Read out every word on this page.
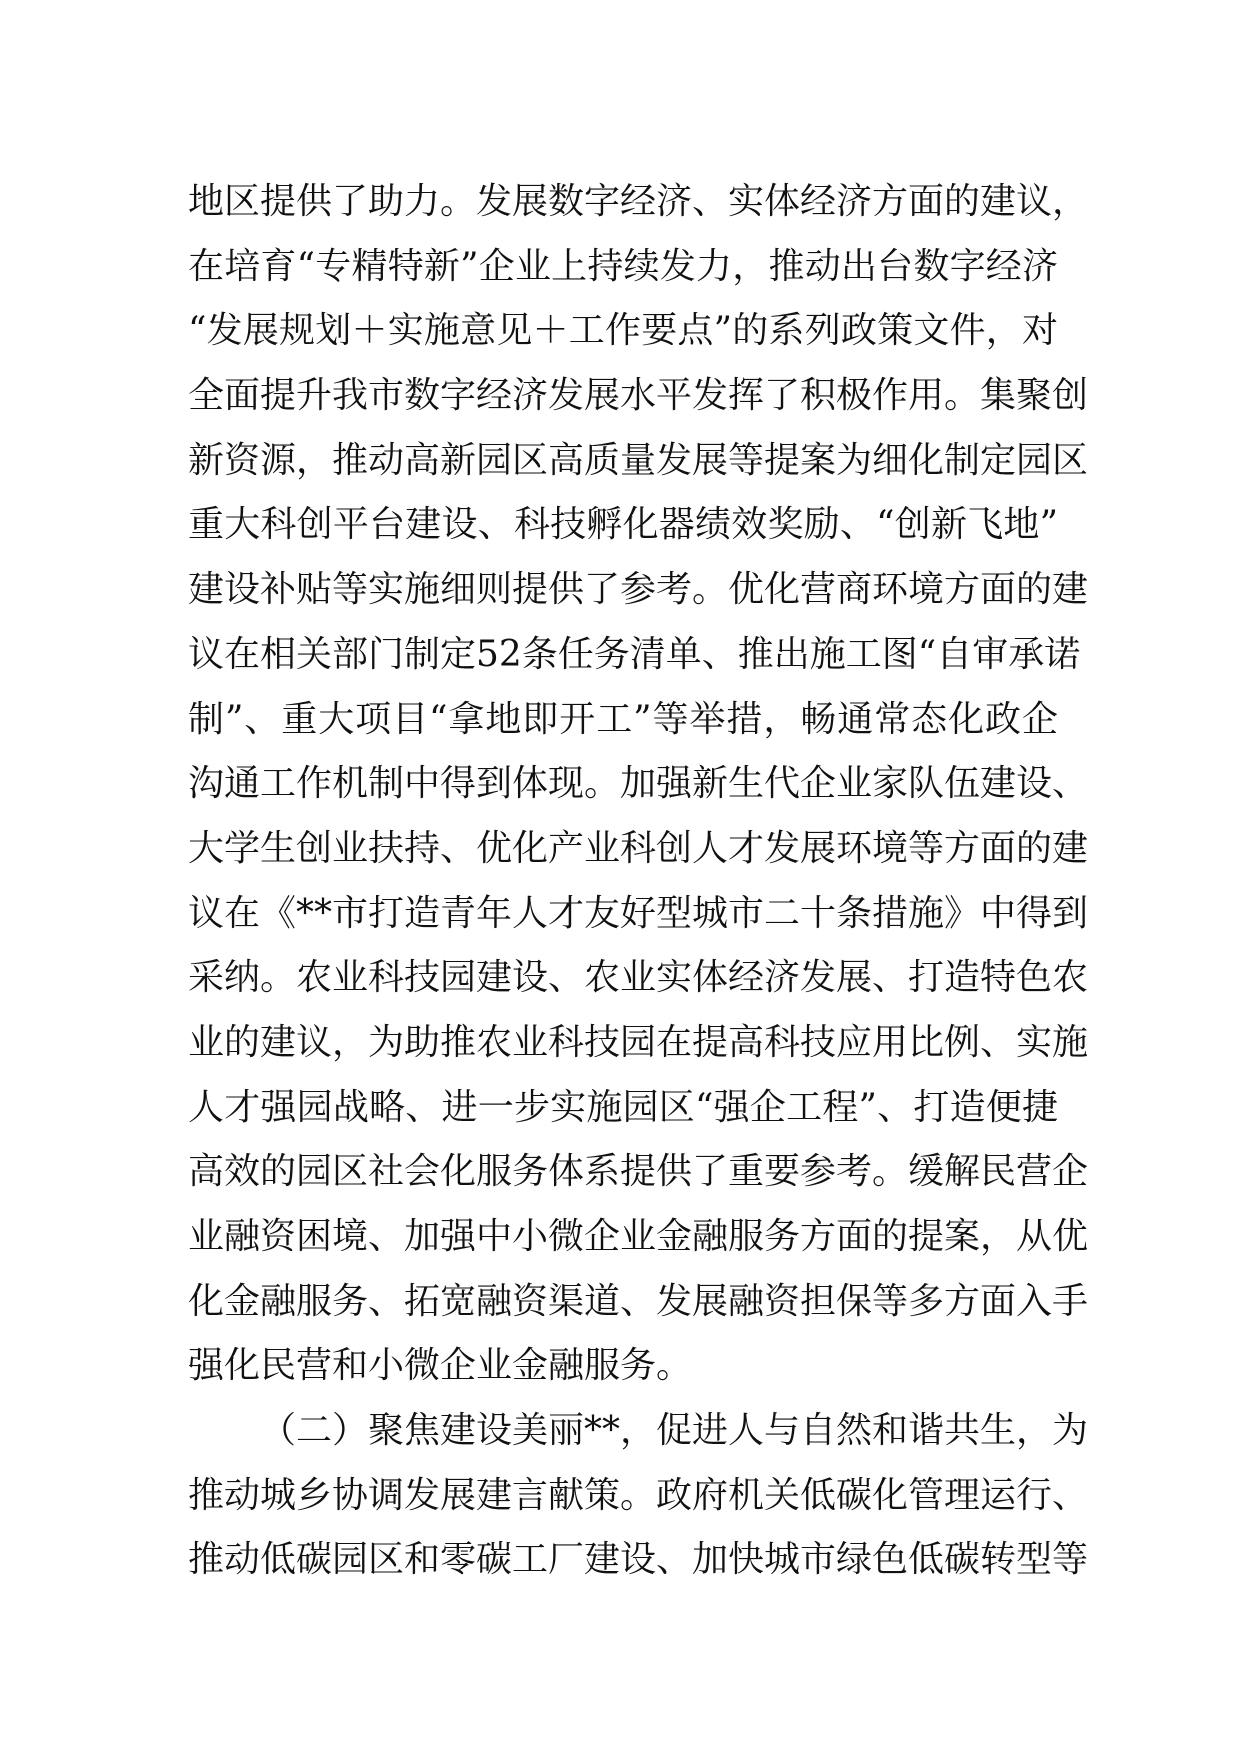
地区提供了助力。发展数字经济、实体经济方面的建议，
在培育“专精特新”企业上持续发力，推动出台数字经济
“发展规划＋实施意见＋工作要点”的系列政策文件，对
全面提升我市数字经济发展水平发挥了积极作用。集聚创
新资源，推动高新园区高质量发展等提案为细化制定园区
重大科创平台建设、科技孵化器绩效奖励、“创新飞地”
建设补贴等实施细则提供了参考。优化营商环境方面的建
议在相关部门制定52条任务清单、推出施工图“自审承诺
制”、重大项目“拿地即开工”等举措，畅通常态化政企
沟通工作机制中得到体现。加强新生代企业家队伍建设、
大学生创业扶持、优化产业科创人才发展环境等方面的建
议在《**市打造青年人才友好型城市二十条措施》中得到
采纳。农业科技园建设、农业实体经济发展、打造特色农
业的建议，为助推农业科技园在提高科技应用比例、实施
人才强园战略、进一步实施园区“强企工程”、打造便捷
高效的园区社会化服务体系提供了重要参考。缓解民营企
业融资困境、加强中小微企业金融服务方面的提案，从优
化金融服务、拓宽融资渠道、发展融资担保等多方面入手
强化民营和小微企业金融服务。
（二）聚焦建设美丽**，促进人与自然和谐共生，为
推动城乡协调发展建言献策。政府机关低碳化管理运行、
推动低碳园区和零碳工厂建设、加快城市绿色低碳转型等
